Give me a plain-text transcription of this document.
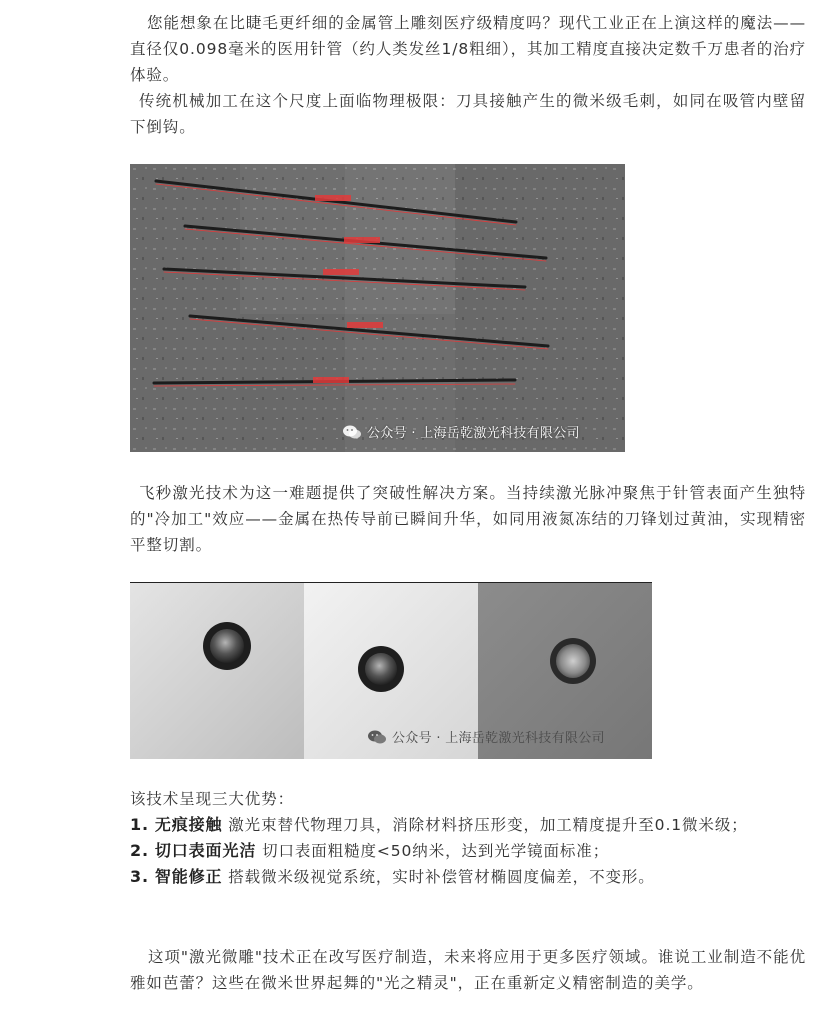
您能想象在比睫毛更纤细的金属管上雕刻医疗级精度吗？现代工业正在上演这样的魔法——直径仅0.098毫米的医用针管（约人类发丝1/8粗细），其加工精度直接决定数千万患者的治疗体验。

传统机械加工在这个尺度上面临物理极限：刀具接触产生的微米级毛刺，如同在吸管内壁留下倒钩。

公众号 · 上海岳乾激光科技有限公司

飞秒激光技术为这一难题提供了突破性解决方案。当持续激光脉冲聚焦于针管表面产生独特的"冷加工"效应——金属在热传导前已瞬间升华，如同用液氮冻结的刀锋划过黄油，实现精密平整切割。

公众号 · 上海岳乾激光科技有限公司

该技术呈现三大优势：

1. 无痕接触 激光束替代物理刀具，消除材料挤压形变，加工精度提升至0.1微米级；

2. 切口表面光洁 切口表面粗糙度<50纳米，达到光学镜面标准；

3. 智能修正 搭载微米级视觉系统，实时补偿管材椭圆度偏差，不变形。

这项"激光微雕"技术正在改写医疗制造，未来将应用于更多医疗领域。谁说工业制造不能优雅如芭蕾？这些在微米世界起舞的"光之精灵"，正在重新定义精密制造的美学。
